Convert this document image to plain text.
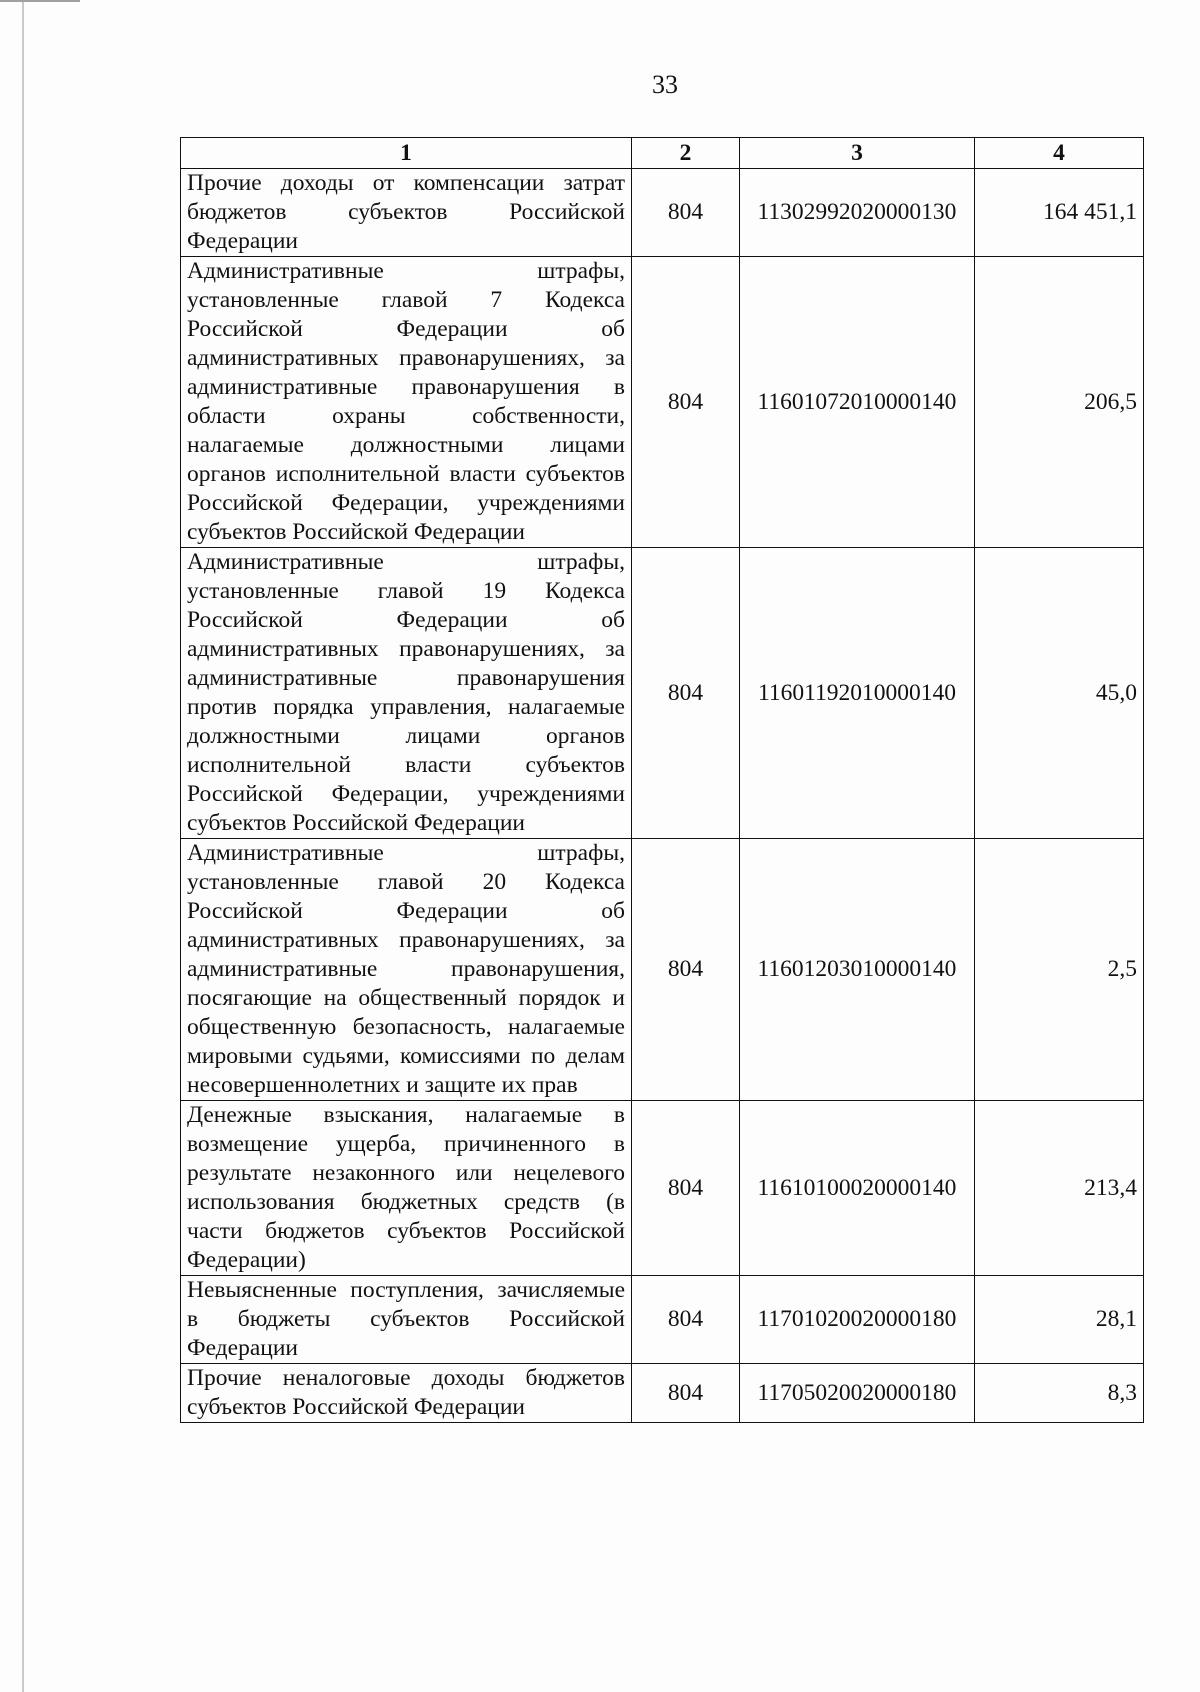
33
1	2	3	4
Прочие доходы от компенсации затрат бюджетов субъектов Российской Федерации	804	11302992020000130	164 451,1
Административные штрафы, установленные главой 7 Кодекса Российской Федерации об административных правонарушениях, за административные правонарушения в области охраны собственности, налагаемые должностными лицами органов исполнительной власти субъектов Российской Федерации, учреждениями субъектов Российской Федерации	804	11601072010000140	206,5
Административные штрафы, установленные главой 19 Кодекса Российской Федерации об административных правонарушениях, за административные правонарушения против порядка управления, налагаемые должностными лицами органов исполнительной власти субъектов Российской Федерации, учреждениями субъектов Российской Федерации	804	11601192010000140	45,0
Административные штрафы, установленные главой 20 Кодекса Российской Федерации об административных правонарушениях, за административные правонарушения, посягающие на общественный порядок и общественную безопасность, налагаемые мировыми судьями, комиссиями по делам несовершеннолетних и защите их прав	804	11601203010000140	2,5
Денежные взыскания, налагаемые в возмещение ущерба, причиненного в результате незаконного или нецелевого использования бюджетных средств (в части бюджетов субъектов Российской Федерации)	804	11610100020000140	213,4
Невыясненные поступления, зачисляемые в бюджеты субъектов Российской Федерации	804	11701020020000180	28,1
Прочие неналоговые доходы бюджетов субъектов Российской Федерации	804	11705020020000180	8,3
